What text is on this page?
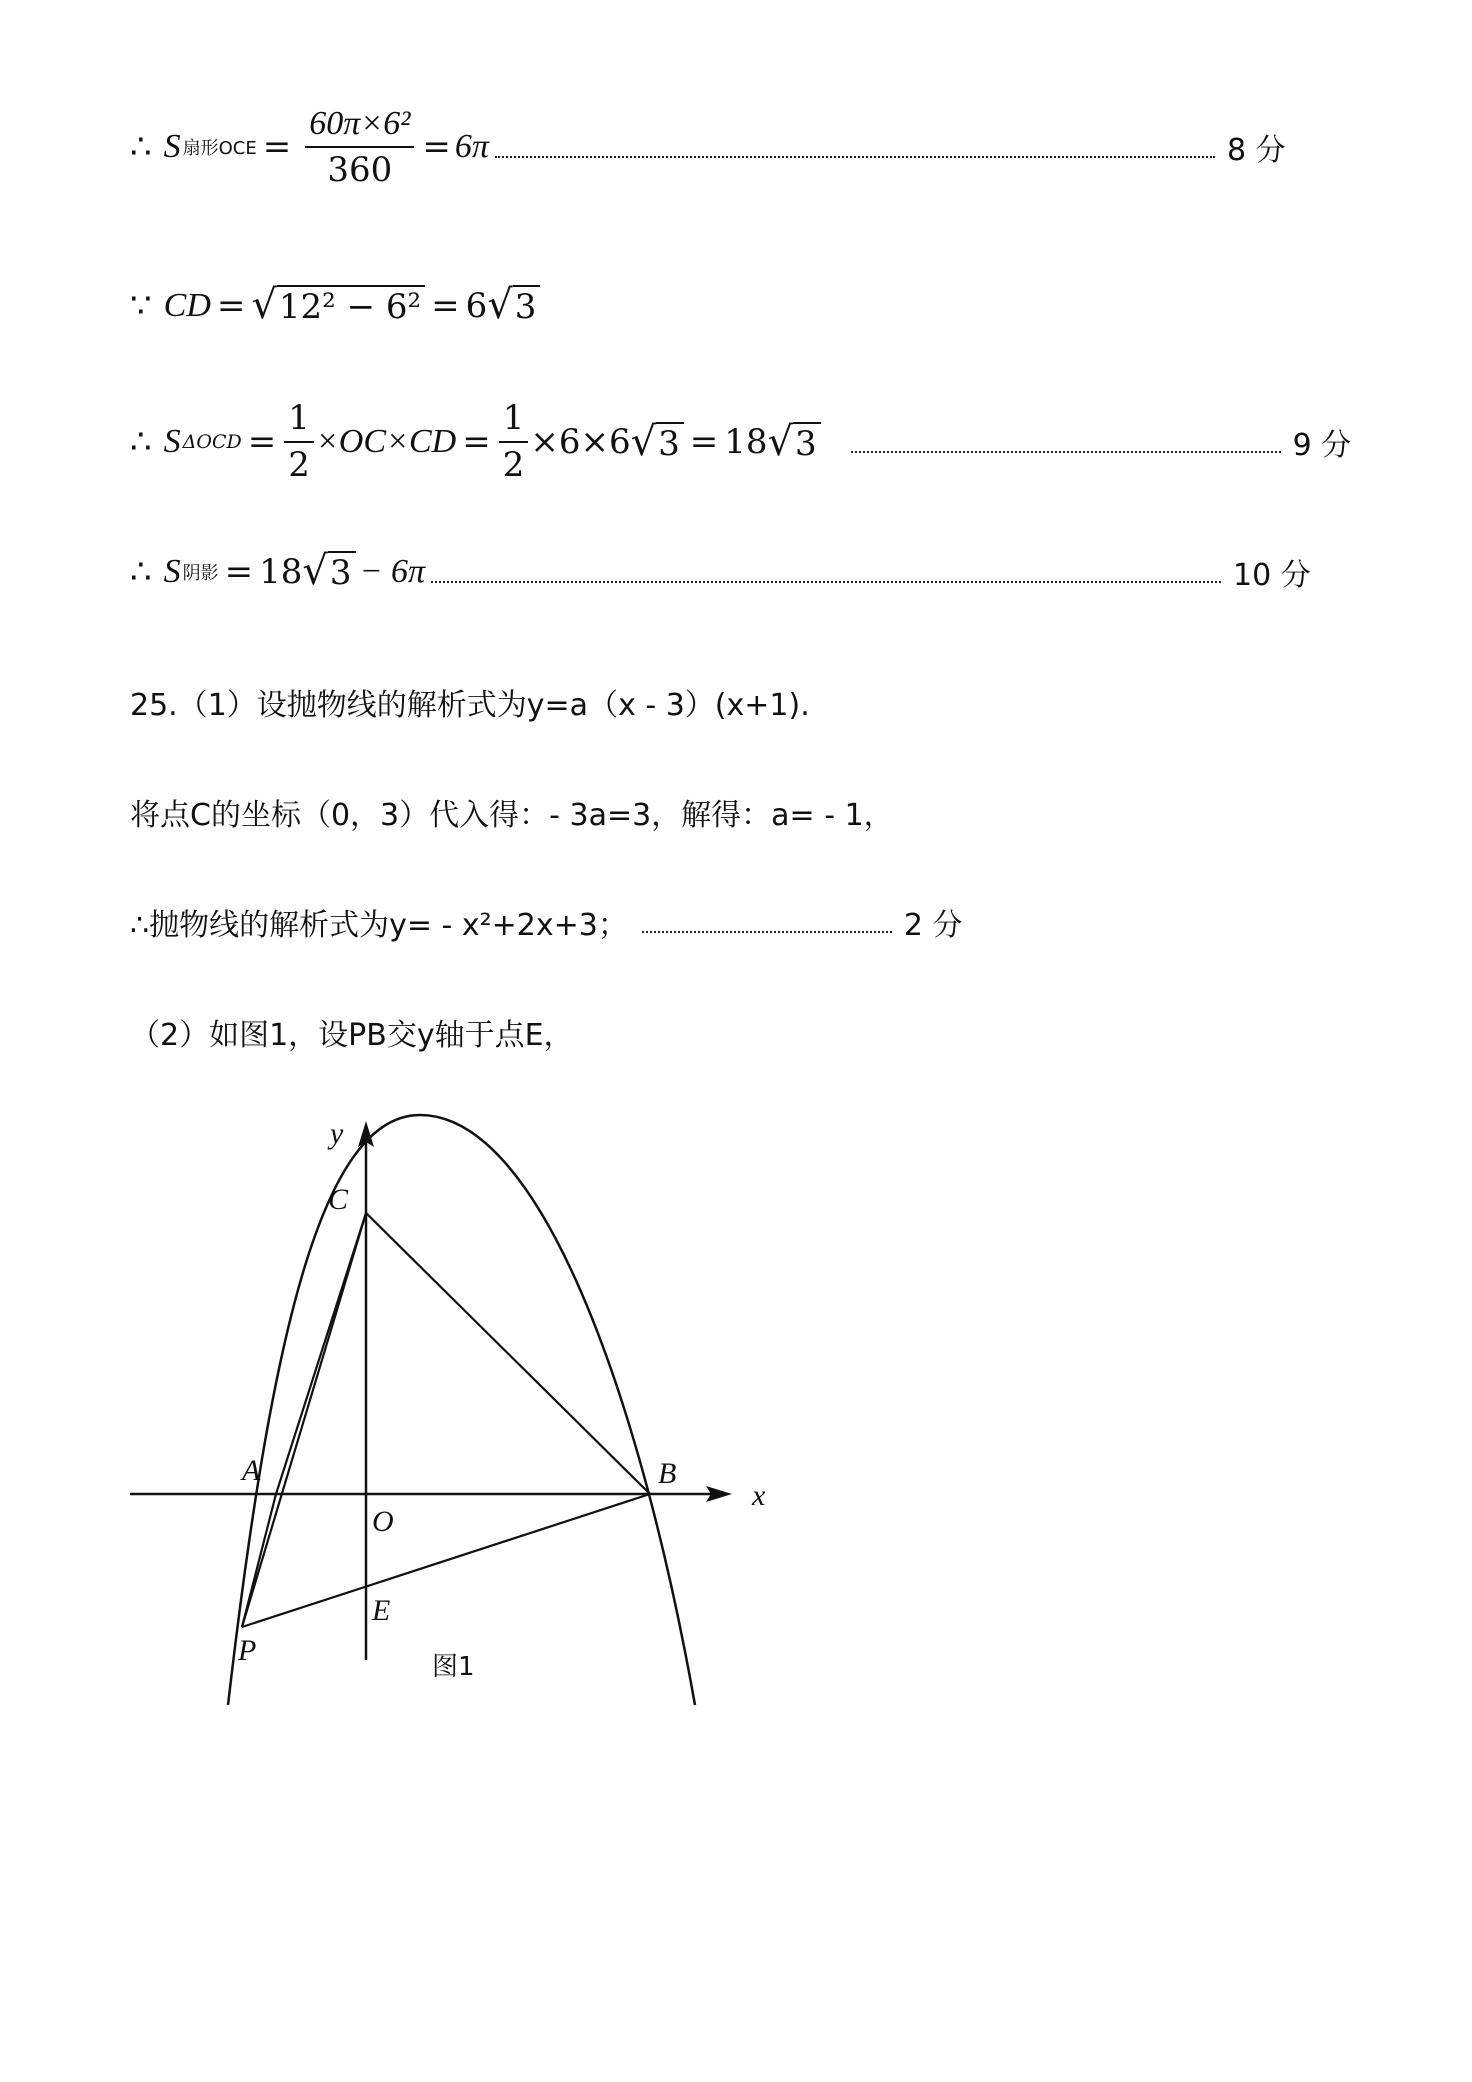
∴ S 扇形OCE = $\frac{\text{60π×6²}}{360} = 6\pi$	8 分
∵ CD = √ 12² − 6² = 6 √ 3
∴ S $\Delta OCD = \frac{1}{2} \times OC\times CD = \frac{1}{2} \times 6\times 6$ √ 3 = 18 √ 3	9 分
∴ S 阴影 = 18 √ 3 − 6π	10 分
25.（1）设抛物线的解析式为y=a（x - 3）(x+1).
将点C的坐标（0，3）代入得：- 3a=3，解得：a= - 1，
∴抛物线的解析式为y= - x²+2x+3；	2 分
（2）如图1，设PB交y轴于点E，
y
C
A	B
x
O
E
P	图1
